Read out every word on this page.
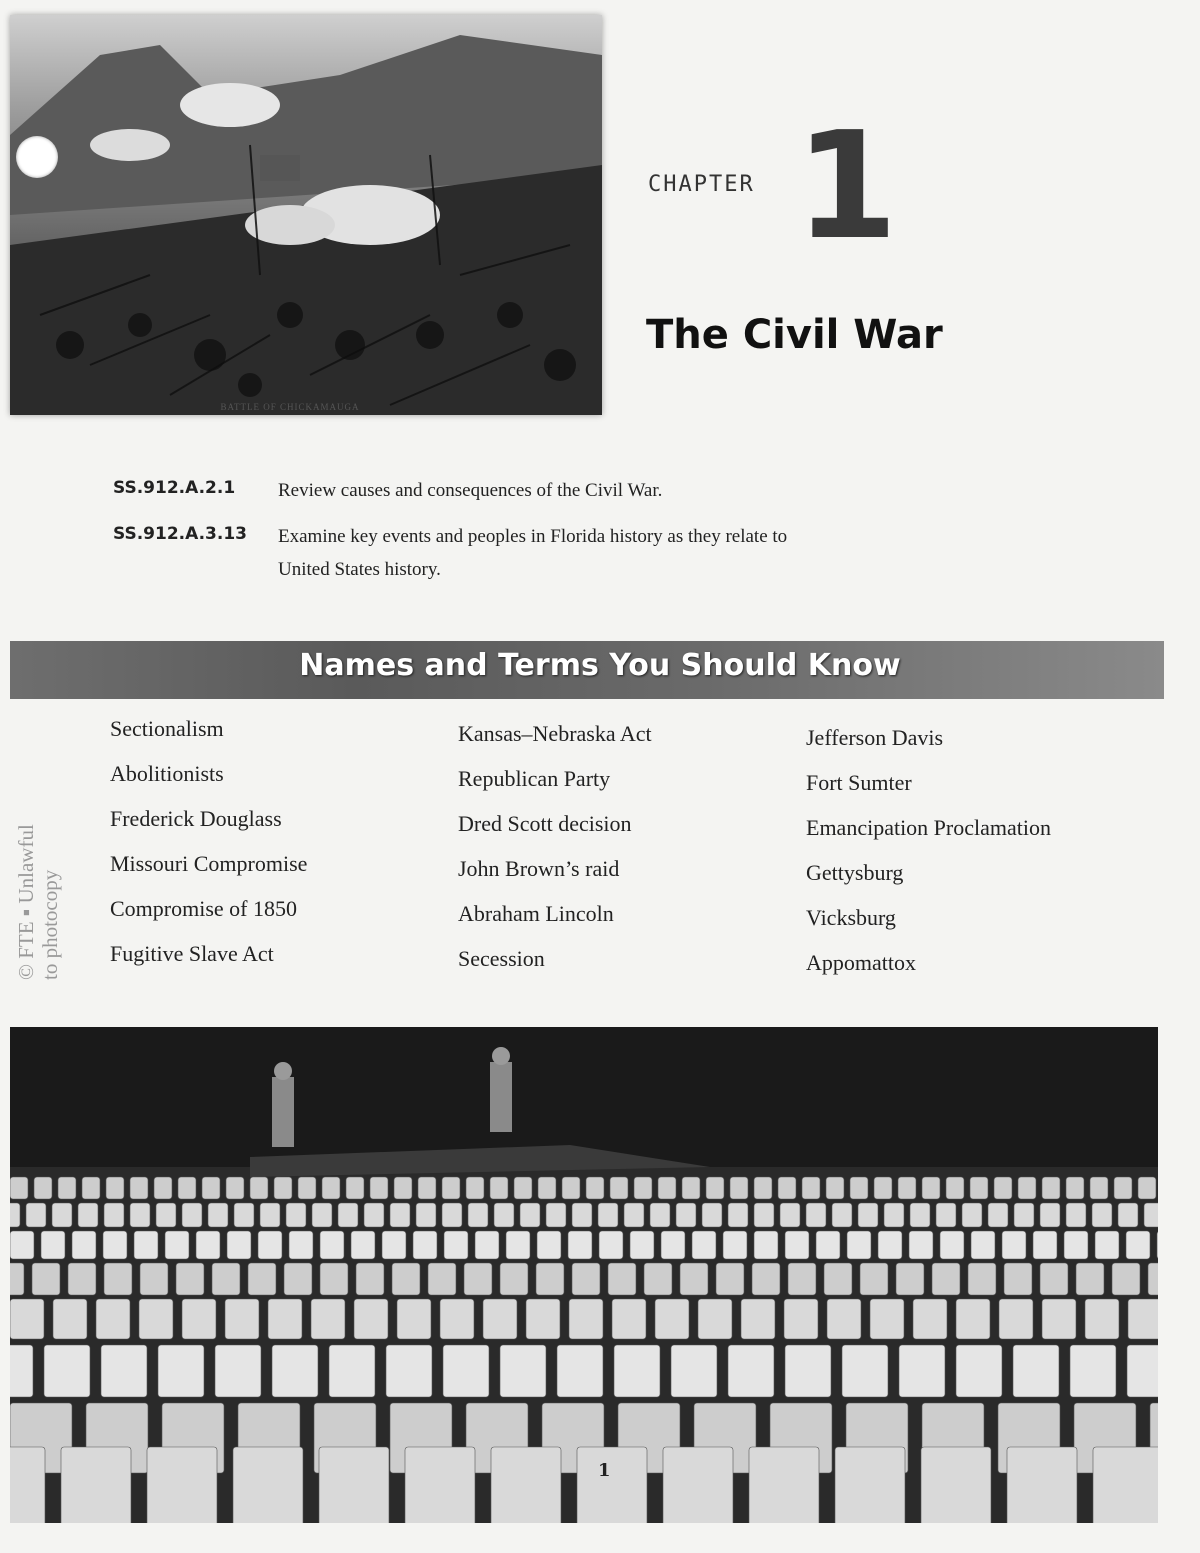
BATTLE OF CHICKAMAUGA
CHAPTER 1
The Civil War
SS.912.A.2.1 Review causes and consequences of the Civil War.
SS.912.A.3.13 Examine key events and peoples in Florida history as they relate to
United States history.
Names and Terms You Should Know
Sectionalism
Abolitionists
Frederick Douglass
Missouri Compromise
Compromise of 1850
Fugitive Slave Act
Kansas–Nebraska Act
Republican Party
Dred Scott decision
John Brown’s raid
Abraham Lincoln
Secession
Jefferson Davis
Fort Sumter
Emancipation Proclamation
Gettysburg
Vicksburg
Appomattox
© FTE ▪ Unlawful to photocopy
1
